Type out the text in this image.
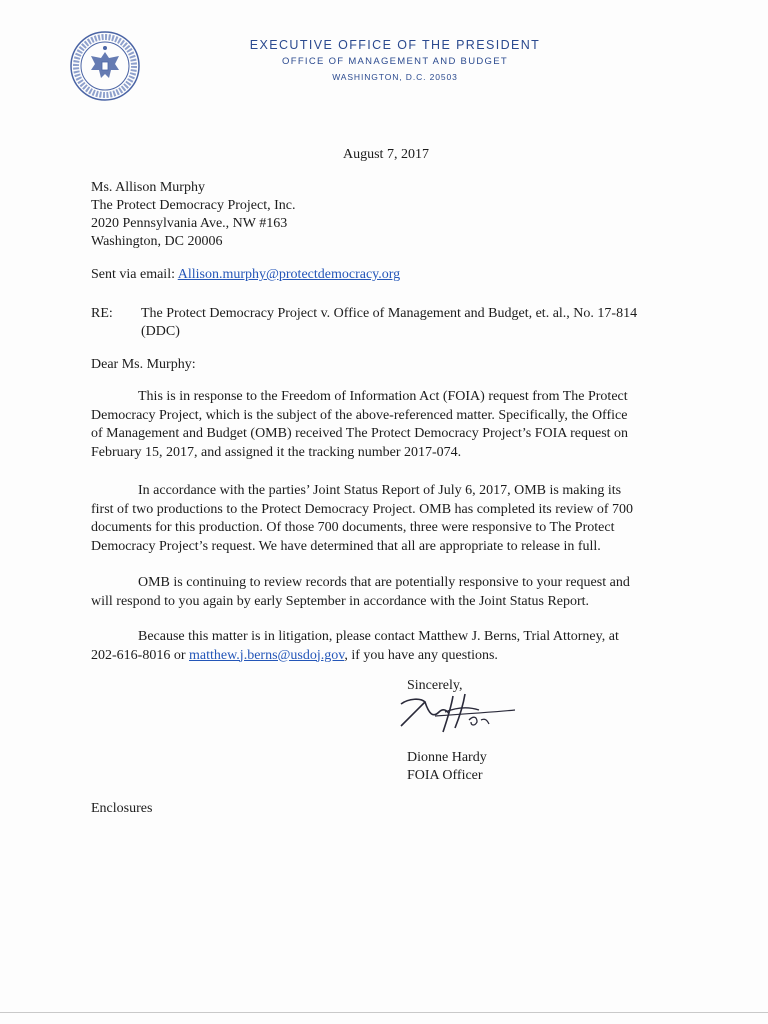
EXECUTIVE OFFICE OF THE PRESIDENT
OFFICE OF MANAGEMENT AND BUDGET
WASHINGTON, D.C. 20503
August 7, 2017
Ms. Allison Murphy
The Protect Democracy Project, Inc.
2020 Pennsylvania Ave., NW #163
Washington, DC 20006
Sent via email: Allison.murphy@protectdemocracy.org
RE: The Protect Democracy Project v. Office of Management and Budget, et. al., No. 17-814
(DDC)
Dear Ms. Murphy:
This is in response to the Freedom of Information Act (FOIA) request from The Protect
Democracy Project, which is the subject of the above-referenced matter. Specifically, the Office
of Management and Budget (OMB) received The Protect Democracy Project’s FOIA request on
February 15, 2017, and assigned it the tracking number 2017-074.
In accordance with the parties’ Joint Status Report of July 6, 2017, OMB is making its
first of two productions to the Protect Democracy Project. OMB has completed its review of 700
documents for this production. Of those 700 documents, three were responsive to The Protect
Democracy Project’s request. We have determined that all are appropriate to release in full.
OMB is continuing to review records that are potentially responsive to your request and
will respond to you again by early September in accordance with the Joint Status Report.
Because this matter is in litigation, please contact Matthew J. Berns, Trial Attorney, at
202-616-8016 or matthew.j.berns@usdoj.gov, if you have any questions.
Sincerely,
Dionne Hardy
FOIA Officer
Enclosures
